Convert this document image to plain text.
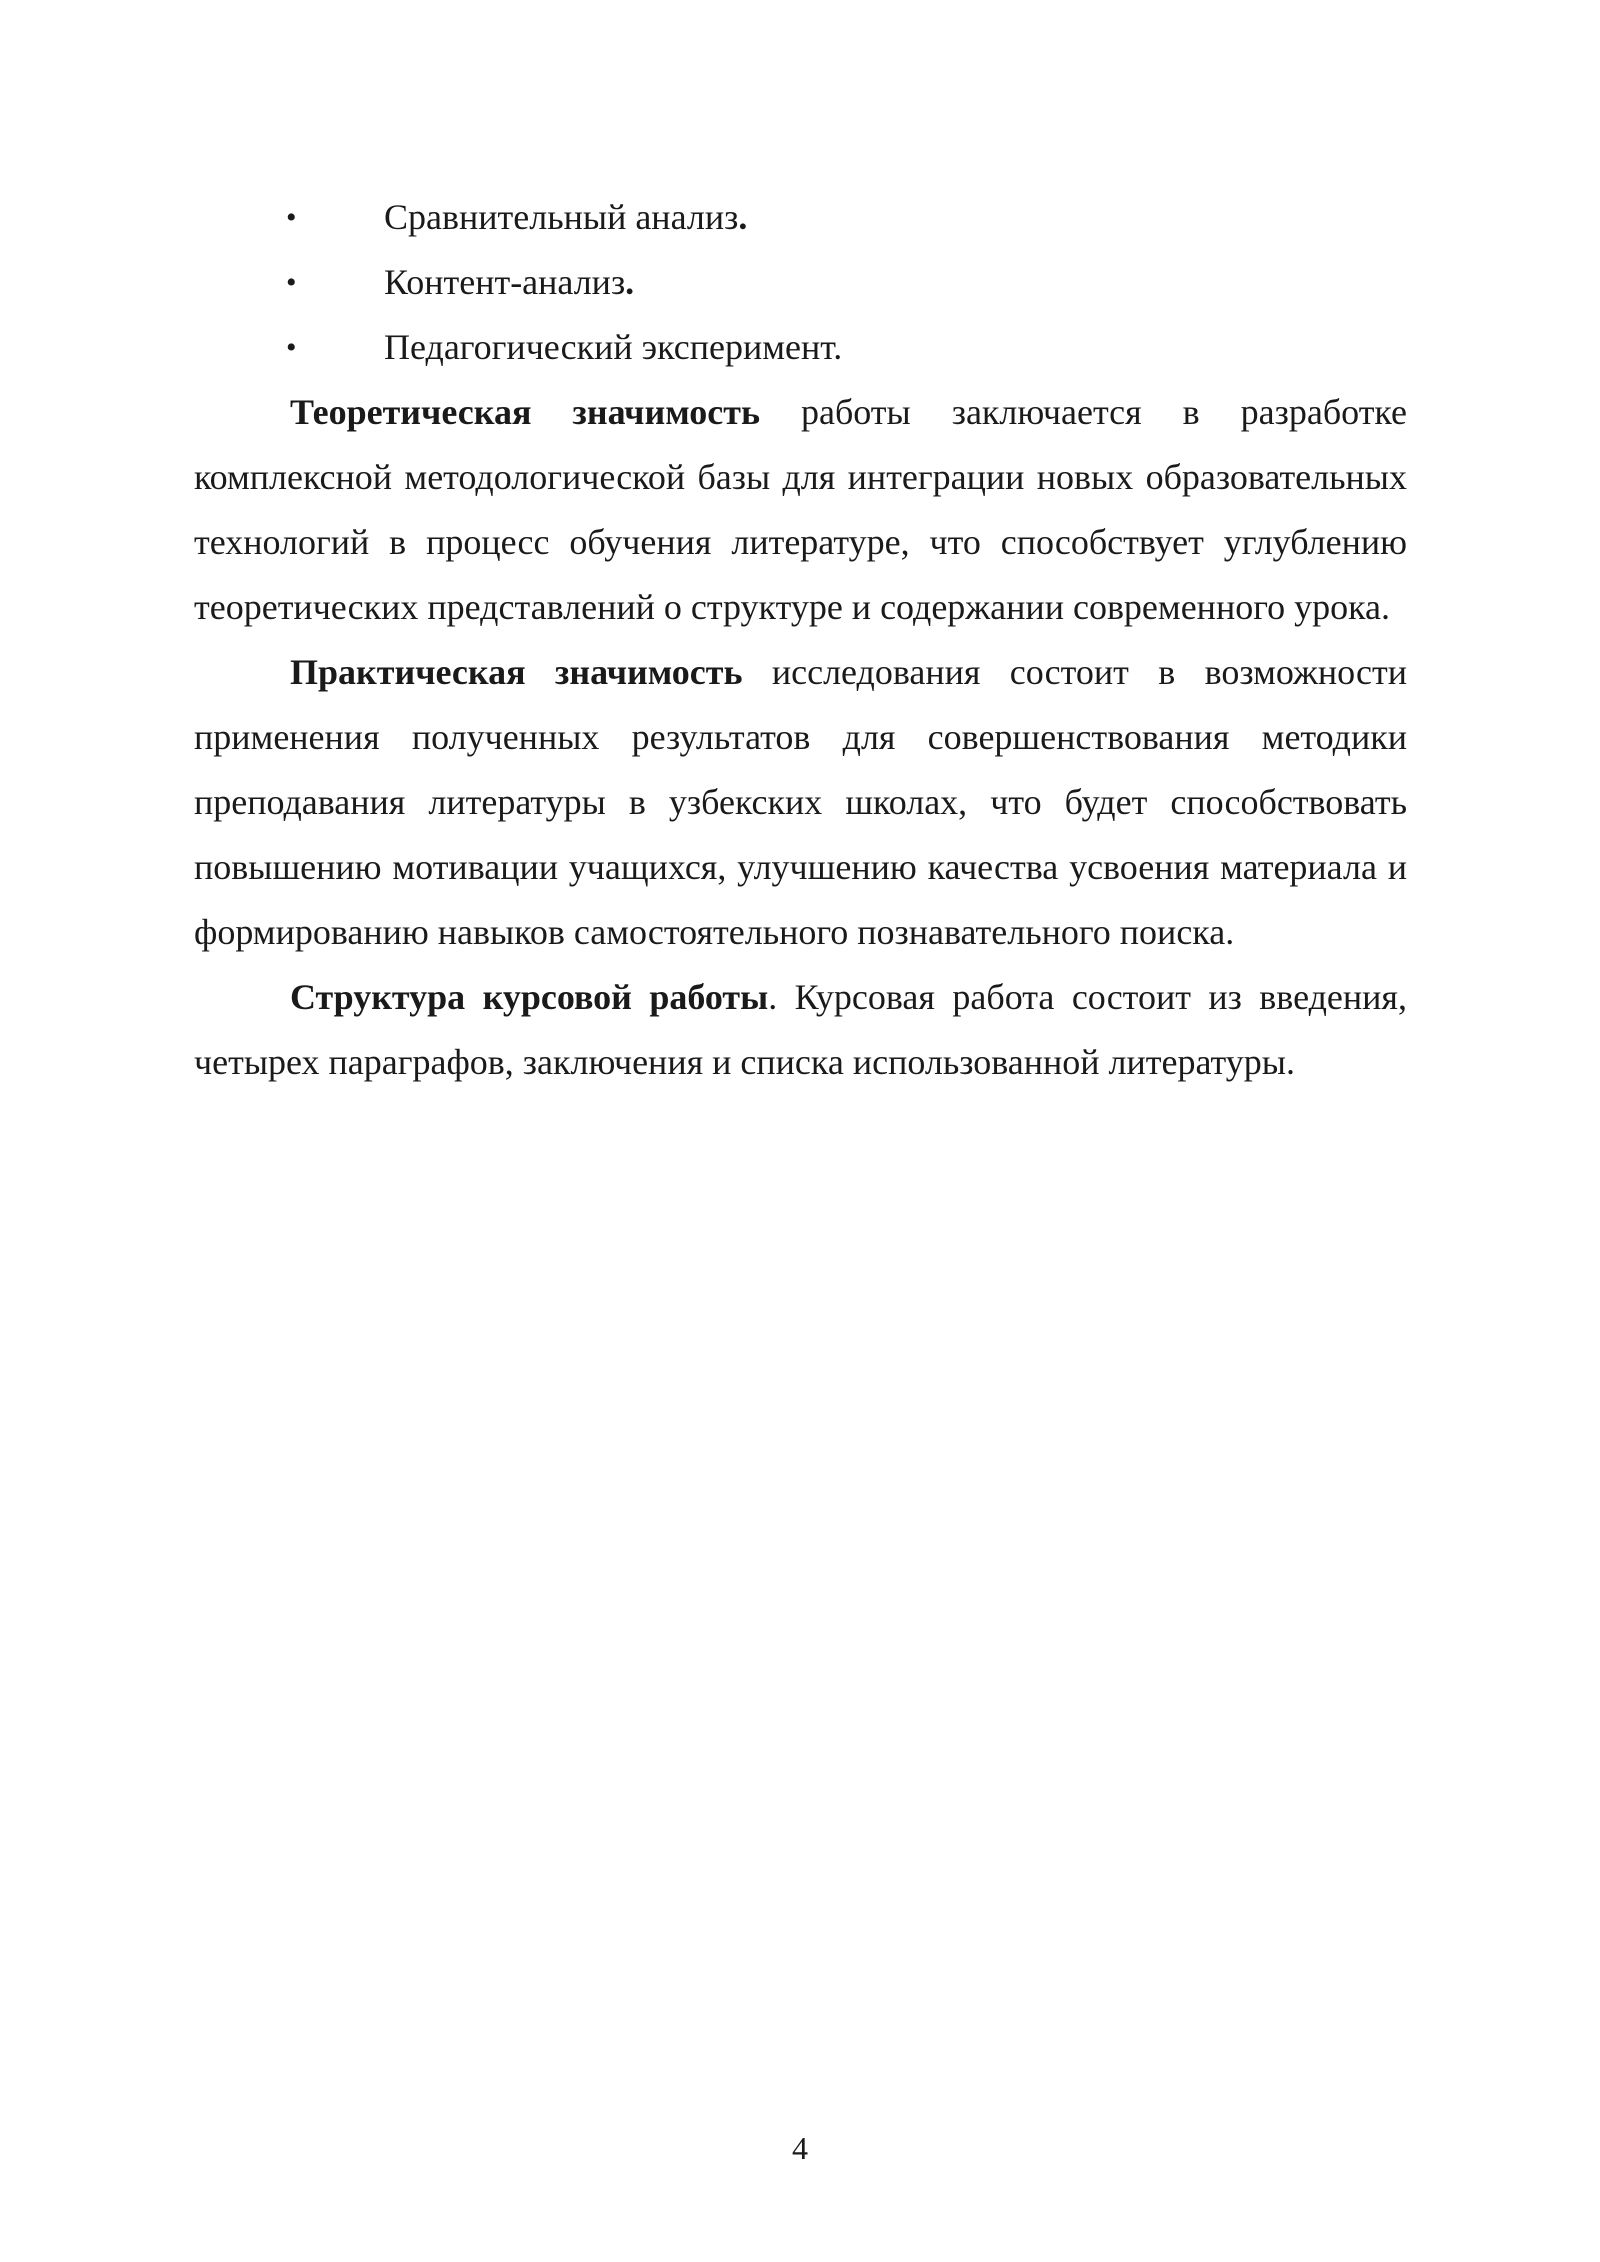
• Сравнительный анализ.
• Контент-анализ.
• Педагогический эксперимент.

Теоретическая значимость работы заключается в разработке комплексной методологической базы для интеграции новых образовательных технологий в процесс обучения литературе, что способствует углублению теоретических представлений о структуре и содержании современного урока.

Практическая значимость исследования состоит в возможности применения полученных результатов для совершенствования методики преподавания литературы в узбекских школах, что будет способствовать повышению мотивации учащихся, улучшению качества усвоения материала и формированию навыков самостоятельного познавательного поиска.

Структура курсовой работы. Курсовая работа состоит из введения, четырех параграфов, заключения и списка использованной литературы.

4
